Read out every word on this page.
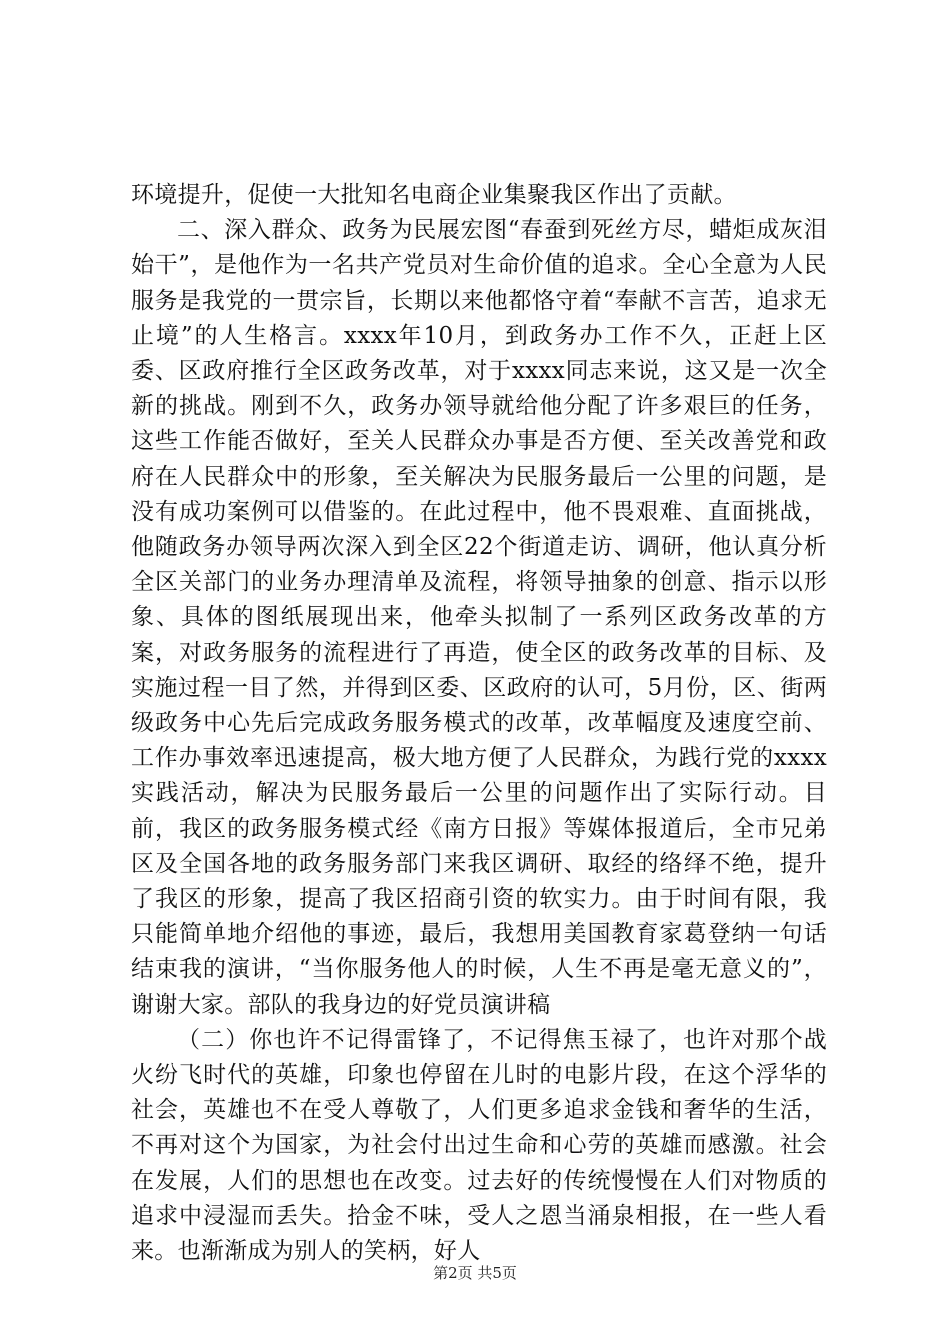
环境提升，促使一大批知名电商企业集聚我区作出了贡献。

二、深入群众、政务为民展宏图“春蚕到死丝方尽，蜡炬成灰泪始干”，是他作为一名共产党员对生命价值的追求。全心全意为人民服务是我党的一贯宗旨，长期以来他都恪守着“奉献不言苦，追求无止境”的人生格言。xxxx年10月，到政务办工作不久，正赶上区委、区政府推行全区政务改革，对于xxxx同志来说，这又是一次全新的挑战。刚到不久，政务办领导就给他分配了许多艰巨的任务，这些工作能否做好，至关人民群众办事是否方便、至关改善党和政府在人民群众中的形象，至关解决为民服务最后一公里的问题，是没有成功案例可以借鉴的。在此过程中，他不畏艰难、直面挑战，他随政务办领导两次深入到全区22个街道走访、调研，他认真分析全区关部门的业务办理清单及流程，将领导抽象的创意、指示以形象、具体的图纸展现出来，他牵头拟制了一系列区政务改革的方案，对政务服务的流程进行了再造，使全区的政务改革的目标、及实施过程一目了然，并得到区委、区政府的认可，5月份，区、街两级政务中心先后完成政务服务模式的改革，改革幅度及速度空前、工作办事效率迅速提高，极大地方便了人民群众，为践行党的xxxx实践活动，解决为民服务最后一公里的问题作出了实际行动。目前，我区的政务服务模式经《南方日报》等媒体报道后，全市兄弟区及全国各地的政务服务部门来我区调研、取经的络绎不绝，提升了我区的形象，提高了我区招商引资的软实力。由于时间有限，我只能简单地介绍他的事迹，最后，我想用美国教育家葛登纳一句话结束我的演讲，“当你服务他人的时候，人生不再是毫无意义的”，谢谢大家。部队的我身边的好党员演讲稿

（二）你也许不记得雷锋了，不记得焦玉禄了，也许对那个战火纷飞时代的英雄，印象也停留在儿时的电影片段，在这个浮华的社会，英雄也不在受人尊敬了，人们更多追求金钱和奢华的生活，不再对这个为国家，为社会付出过生命和心劳的英雄而感激。社会在发展，人们的思想也在改变。过去好的传统慢慢在人们对物质的追求中浸湿而丢失。拾金不味，受人之恩当涌泉相报，在一些人看来。也渐渐成为别人的笑柄，好人

第2页 共5页
